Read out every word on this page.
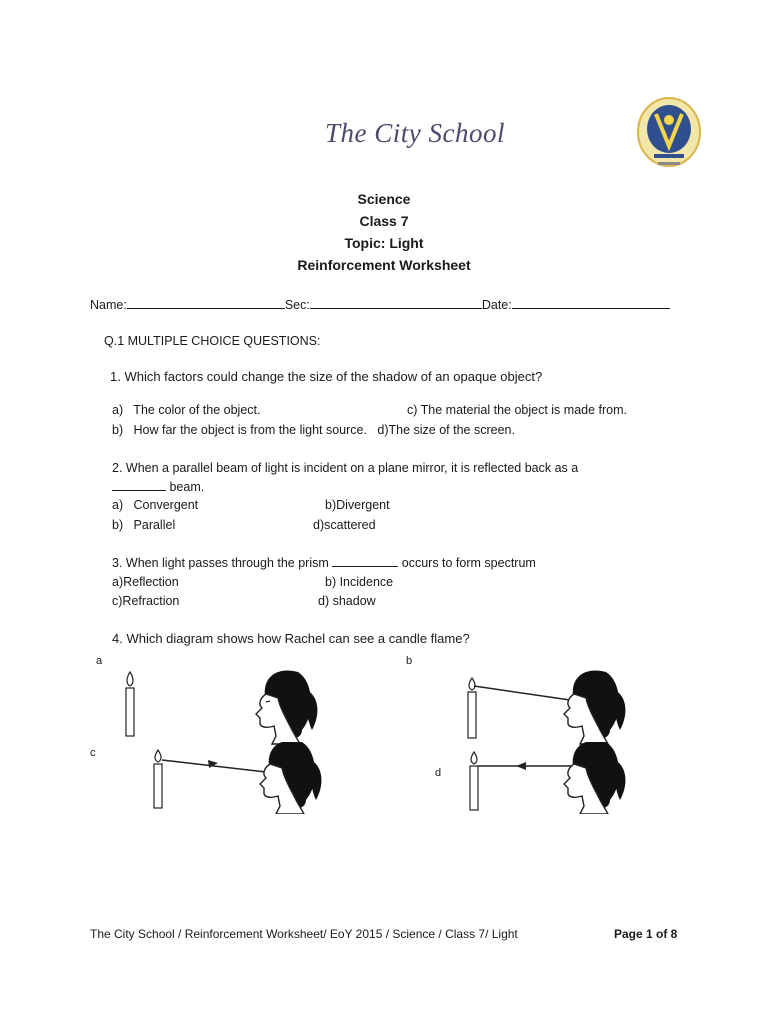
The City School
Science
Class 7
Topic: Light
Reinforcement Worksheet
Name:	Sec:	Date:
Q.1 MULTIPLE CHOICE QUESTIONS:
1. Which factors could change the size of the shadow of an opaque object?
a)   The color of the object.	c) The material the object is made from.
b)   How far the object is from the light source.   d)The size of the screen.
2. When a parallel beam of light is incident on a plane mirror, it is reflected back as a
beam.
a)   Convergent	b)Divergent
b)   Parallel	d)scattered
3. When light passes through the prism	occurs to form spectrum
a)Reflection	b) Incidence
c)Refraction	d) shadow
4. Which diagram shows how Rachel can see a candle flame?
a	b
c
d
The City School / Reinforcement Worksheet/ EoY 2015 / Science / Class 7/ Light	Page 1 of 8
